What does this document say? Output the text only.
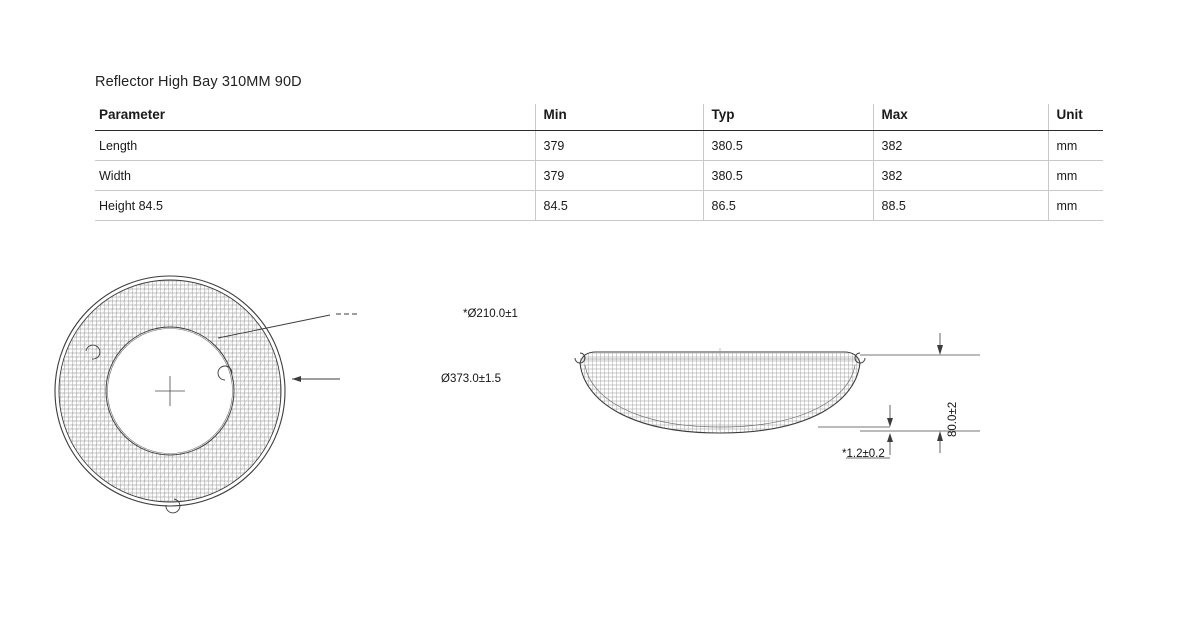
Reflector High Bay 310MM 90D
Parameter	Min	Typ	Max	Unit
Length	379	380.5	382	mm
Width	379	380.5	382	mm
Height 84.5	84.5	86.5	88.5	mm
*Ø210.0±1
Ø373.0±1.5
80.0±2
*1.2±0.2
